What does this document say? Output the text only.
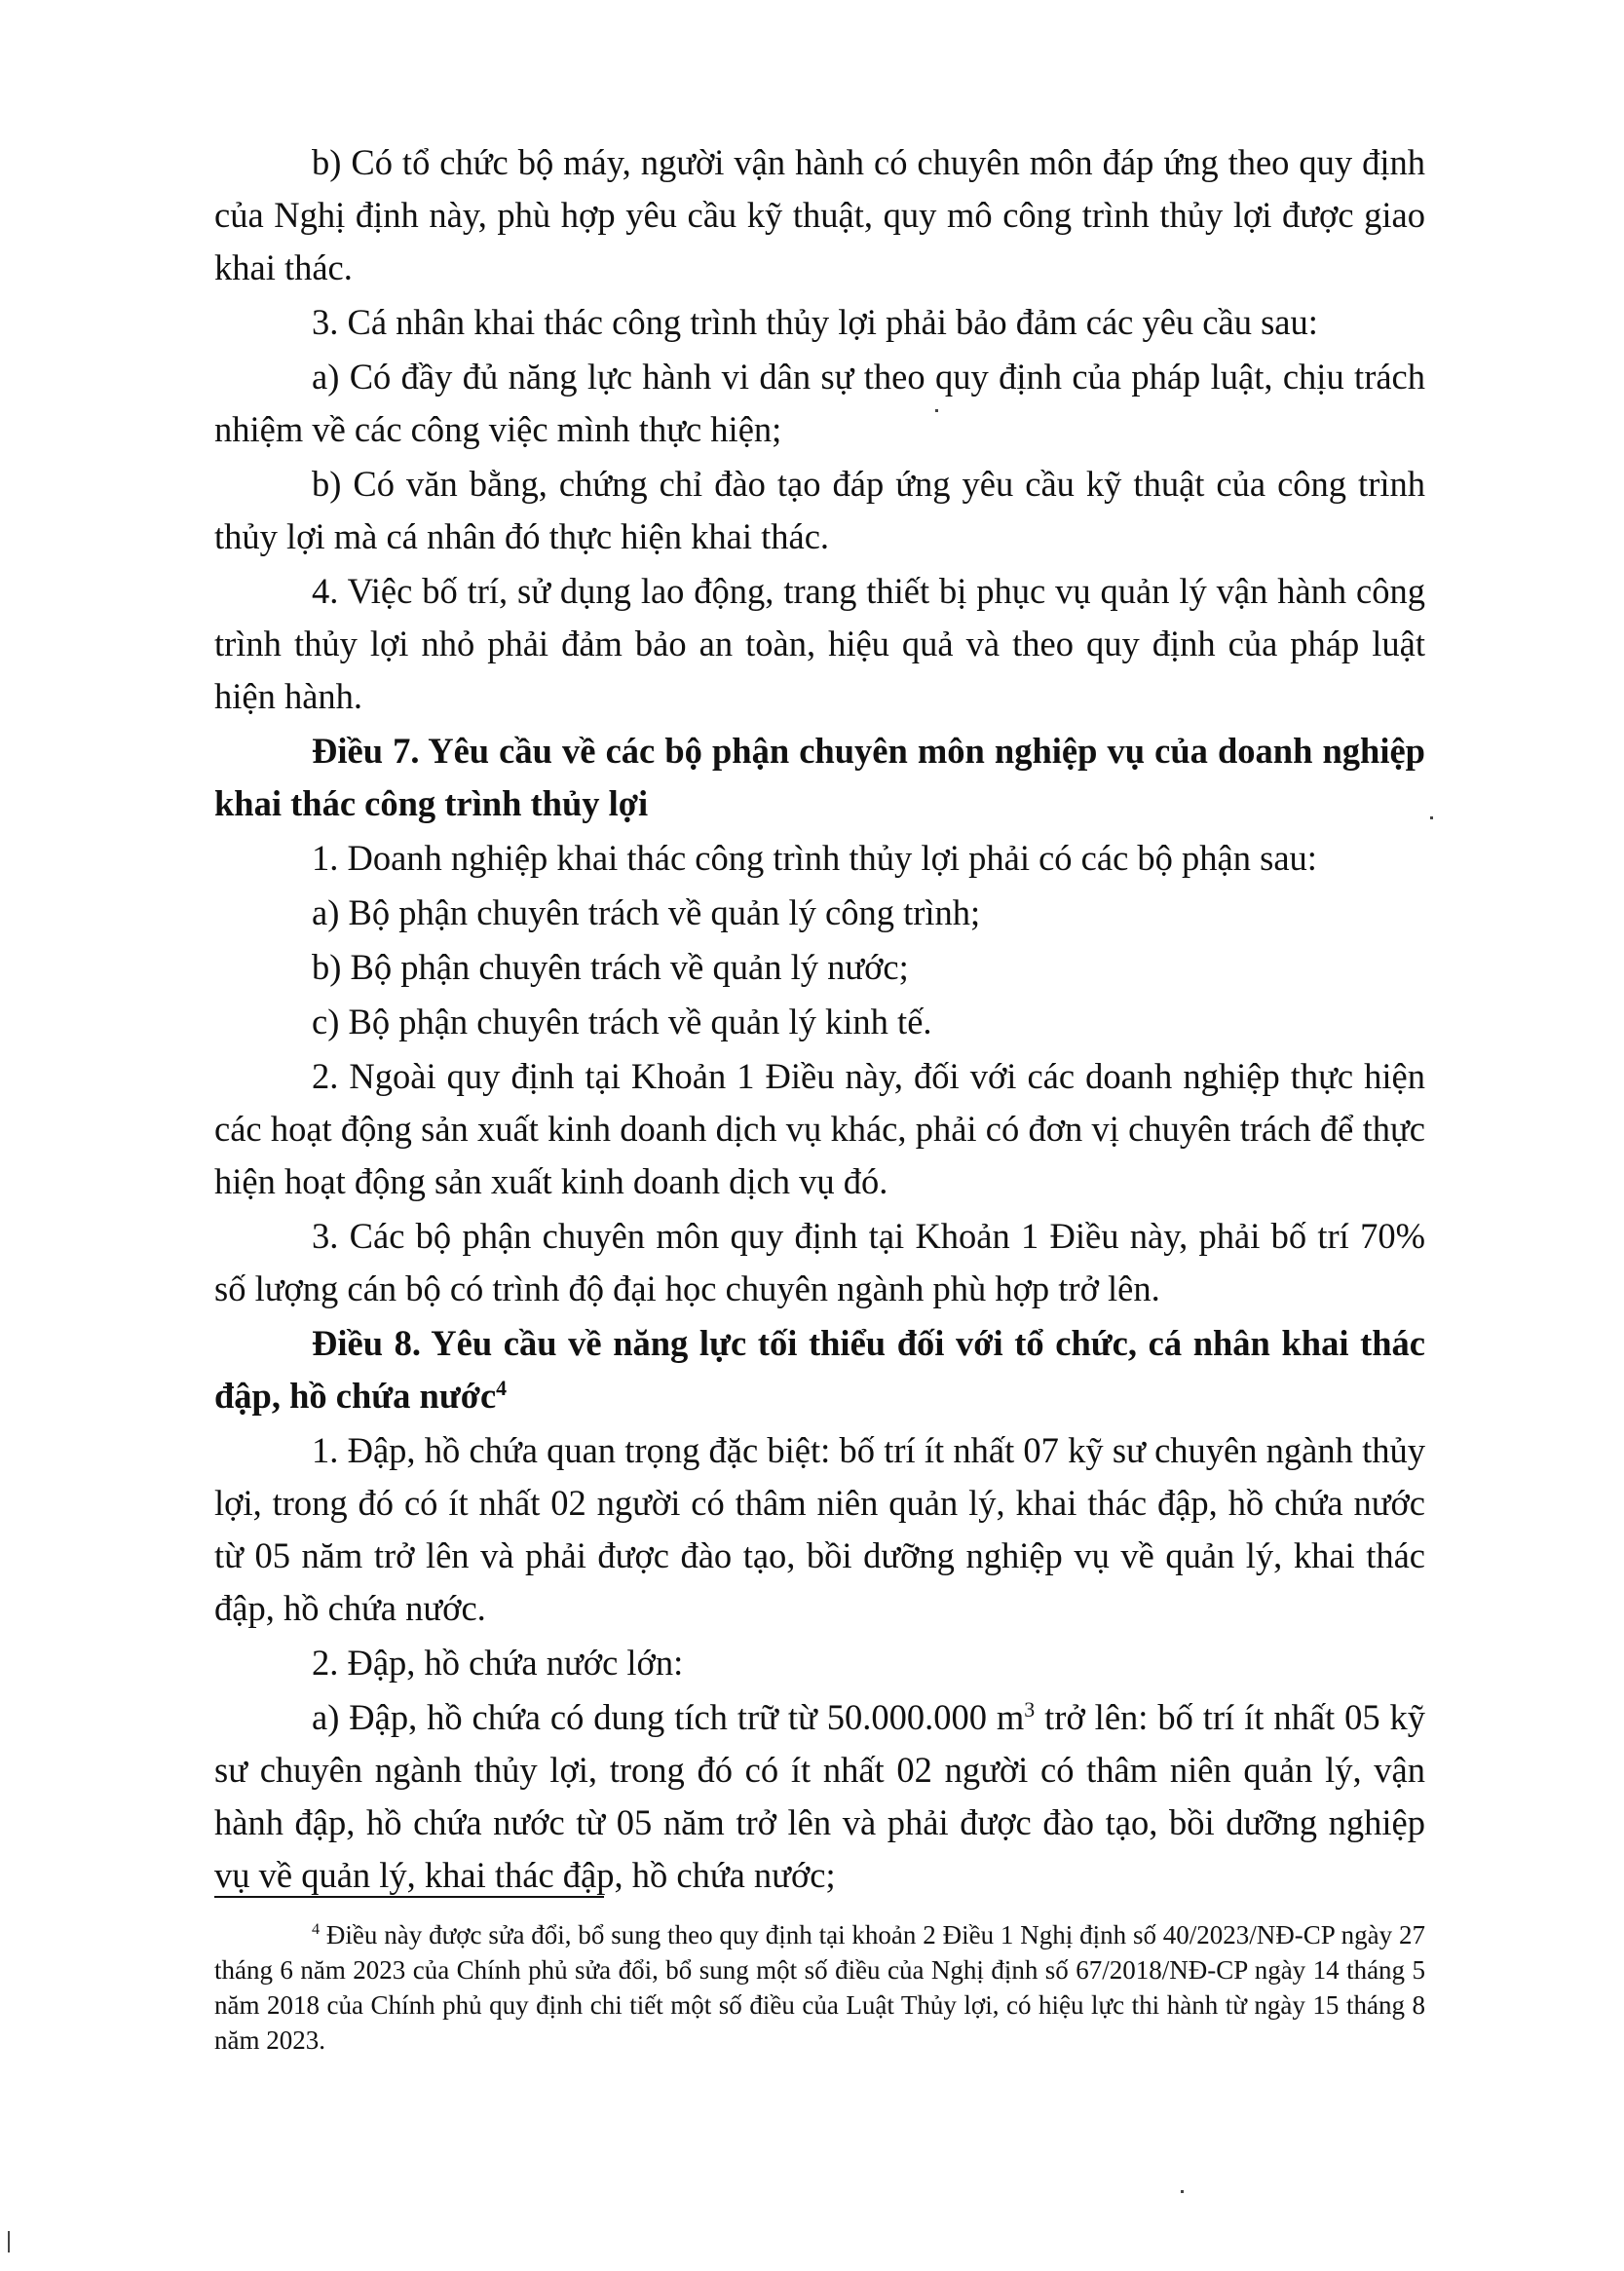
b) Có tổ chức bộ máy, người vận hành có chuyên môn đáp ứng theo quy định của Nghị định này, phù hợp yêu cầu kỹ thuật, quy mô công trình thủy lợi được giao khai thác.

3. Cá nhân khai thác công trình thủy lợi phải bảo đảm các yêu cầu sau:

a) Có đầy đủ năng lực hành vi dân sự theo quy định của pháp luật, chịu trách nhiệm về các công việc mình thực hiện;

b) Có văn bằng, chứng chỉ đào tạo đáp ứng yêu cầu kỹ thuật của công trình thủy lợi mà cá nhân đó thực hiện khai thác.

4. Việc bố trí, sử dụng lao động, trang thiết bị phục vụ quản lý vận hành công trình thủy lợi nhỏ phải đảm bảo an toàn, hiệu quả và theo quy định của pháp luật hiện hành.

Điều 7. Yêu cầu về các bộ phận chuyên môn nghiệp vụ của doanh nghiệp khai thác công trình thủy lợi

1. Doanh nghiệp khai thác công trình thủy lợi phải có các bộ phận sau:

a) Bộ phận chuyên trách về quản lý công trình;

b) Bộ phận chuyên trách về quản lý nước;

c) Bộ phận chuyên trách về quản lý kinh tế.

2. Ngoài quy định tại Khoản 1 Điều này, đối với các doanh nghiệp thực hiện các hoạt động sản xuất kinh doanh dịch vụ khác, phải có đơn vị chuyên trách để thực hiện hoạt động sản xuất kinh doanh dịch vụ đó.

3. Các bộ phận chuyên môn quy định tại Khoản 1 Điều này, phải bố trí 70% số lượng cán bộ có trình độ đại học chuyên ngành phù hợp trở lên.

Điều 8. Yêu cầu về năng lực tối thiểu đối với tổ chức, cá nhân khai thác đập, hồ chứa nước$^4$

1. Đập, hồ chứa quan trọng đặc biệt: bố trí ít nhất 07 kỹ sư chuyên ngành thủy lợi, trong đó có ít nhất 02 người có thâm niên quản lý, khai thác đập, hồ chứa nước từ 05 năm trở lên và phải được đào tạo, bồi dưỡng nghiệp vụ về quản lý, khai thác đập, hồ chứa nước.

2. Đập, hồ chứa nước lớn:

a) Đập, hồ chứa có dung tích trữ từ 50.000.000 $m^3$ trở lên: bố trí ít nhất 05 kỹ sư chuyên ngành thủy lợi, trong đó có ít nhất 02 người có thâm niên quản lý, vận hành đập, hồ chứa nước từ 05 năm trở lên và phải được đào tạo, bồi dưỡng nghiệp vụ về quản lý, khai thác đập, hồ chứa nước;

$^4$ Điều này được sửa đổi, bổ sung theo quy định tại khoản 2 Điều 1 Nghị định số 40/2023/NĐ-CP ngày 27 tháng 6 năm 2023 của Chính phủ sửa đổi, bổ sung một số điều của Nghị định số 67/2018/NĐ-CP ngày 14 tháng 5 năm 2018 của Chính phủ quy định chi tiết một số điều của Luật Thủy lợi, có hiệu lực thi hành từ ngày 15 tháng 8 năm 2023.
